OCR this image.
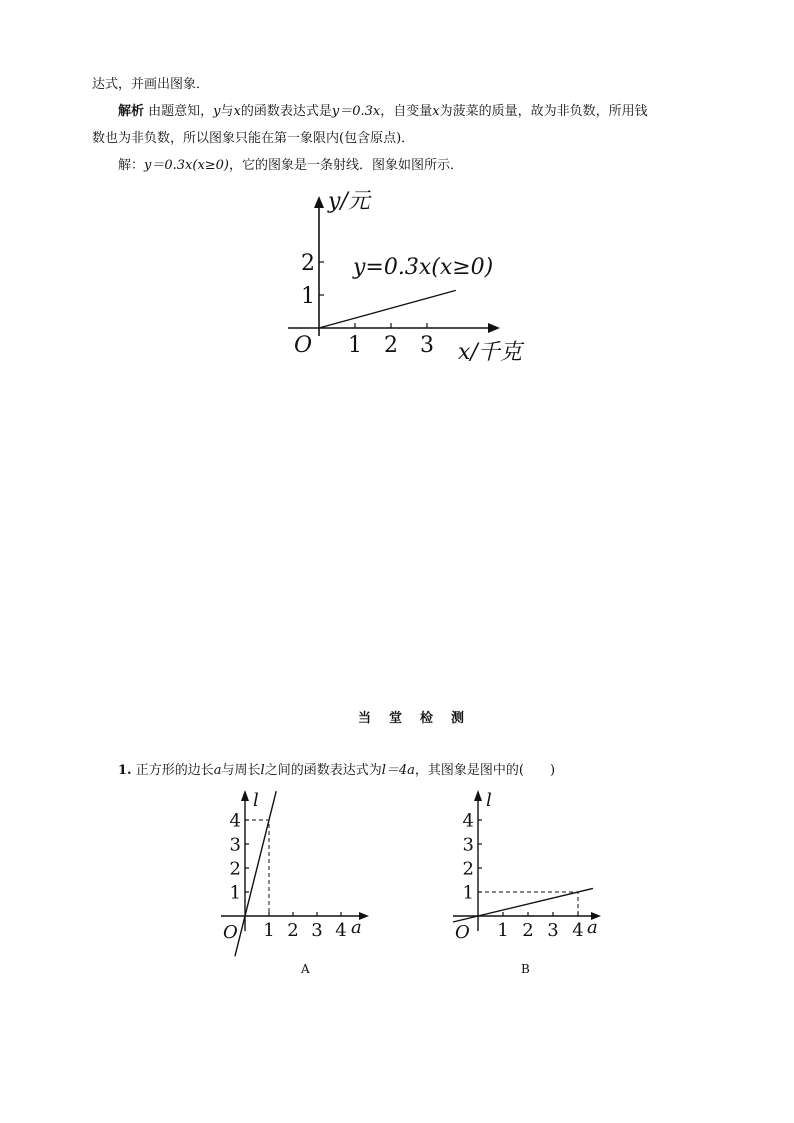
达式，并画出图象．
解析 由题意知，y与x的函数表达式是y＝0.3x，自变量x为菠菜的质量，故为非负数，所用钱
数也为非负数，所以图象只能在第一象限内(包含原点)．
解：y＝0.3x(x≥0)，它的图象是一条射线．图象如图所示．
y/元
x/千克
O 1 2 3
1
2 y=0.3x(x≥0)
当堂检测
1. 正方形的边长a与周长l之间的函数表达式为l＝4a，其图象是图中的(　　)
l
a
O 1 2 3 4
1
2
3
4
A
l
a
O 1 2 3 4
1
2
3
4
B
